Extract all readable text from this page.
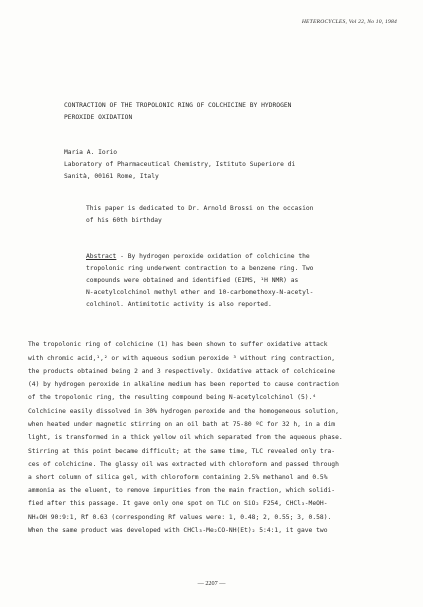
HETEROCYCLES, Vol 22, No 10, 1984
CONTRACTION OF THE TROPOLONIC RING OF COLCHICINE BY HYDROGEN
PEROXIDE OXIDATION
Maria A. Iorio
Laboratory of Pharmaceutical Chemistry, Istituto Superiore di
Sanità, 00161 Rome, Italy
This paper is dedicated to Dr. Arnold Brossi on the occasion
of his 60th birthday
Abstract - By hydrogen peroxide oxidation of colchicine the
tropolonic ring underwent contraction to a benzene ring. Two
compounds were obtained and identified (EIMS, ¹H NMR) as
N-acetylcolchinol methyl ether and 10-carbomethoxy-N-acetyl-
colchinol. Antimitotic activity is also reported.
The tropolonic ring of colchicine (1) has been shown to suffer oxidative attack
with chromic acid,¹,² or with aqueous sodium peroxide ³ without ring contraction,
the products obtained being 2 and 3 respectively. Oxidative attack of colchiceine
(4) by hydrogen peroxide in alkaline medium has been reported to cause contraction
of the tropolonic ring, the resulting compound being N-acetylcolchinol (5).⁴
Colchicine easily dissolved in 30% hydrogen peroxide and the homogeneous solution,
when heated under magnetic stirring on an oil bath at 75-80 ºC for 32 h, in a dim
light, is transformed in a thick yellow oil which separated from the aqueous phase.
Stirring at this point became difficult; at the same time, TLC revealed only tra-
ces of colchicine. The glassy oil was extracted with chloroform and passed through
a short column of silica gel, with chloroform containing 2.5% methanol and 0.5%
ammonia as the eluent, to remove impurities from the main fraction, which solidi-
fied after this passage. It gave only one spot on TLC on SiO₂ F254, CHCl₃-MeOH-
NH₄OH 90:9:1, Rf 0.63 (corresponding Rf values were: 1, 0.48; 2, 0.55; 3, 0.58).
When the same product was developed with CHCl₃-Me₂CO-NH(Et)₂ 5:4:1, it gave two
— 2207 —
